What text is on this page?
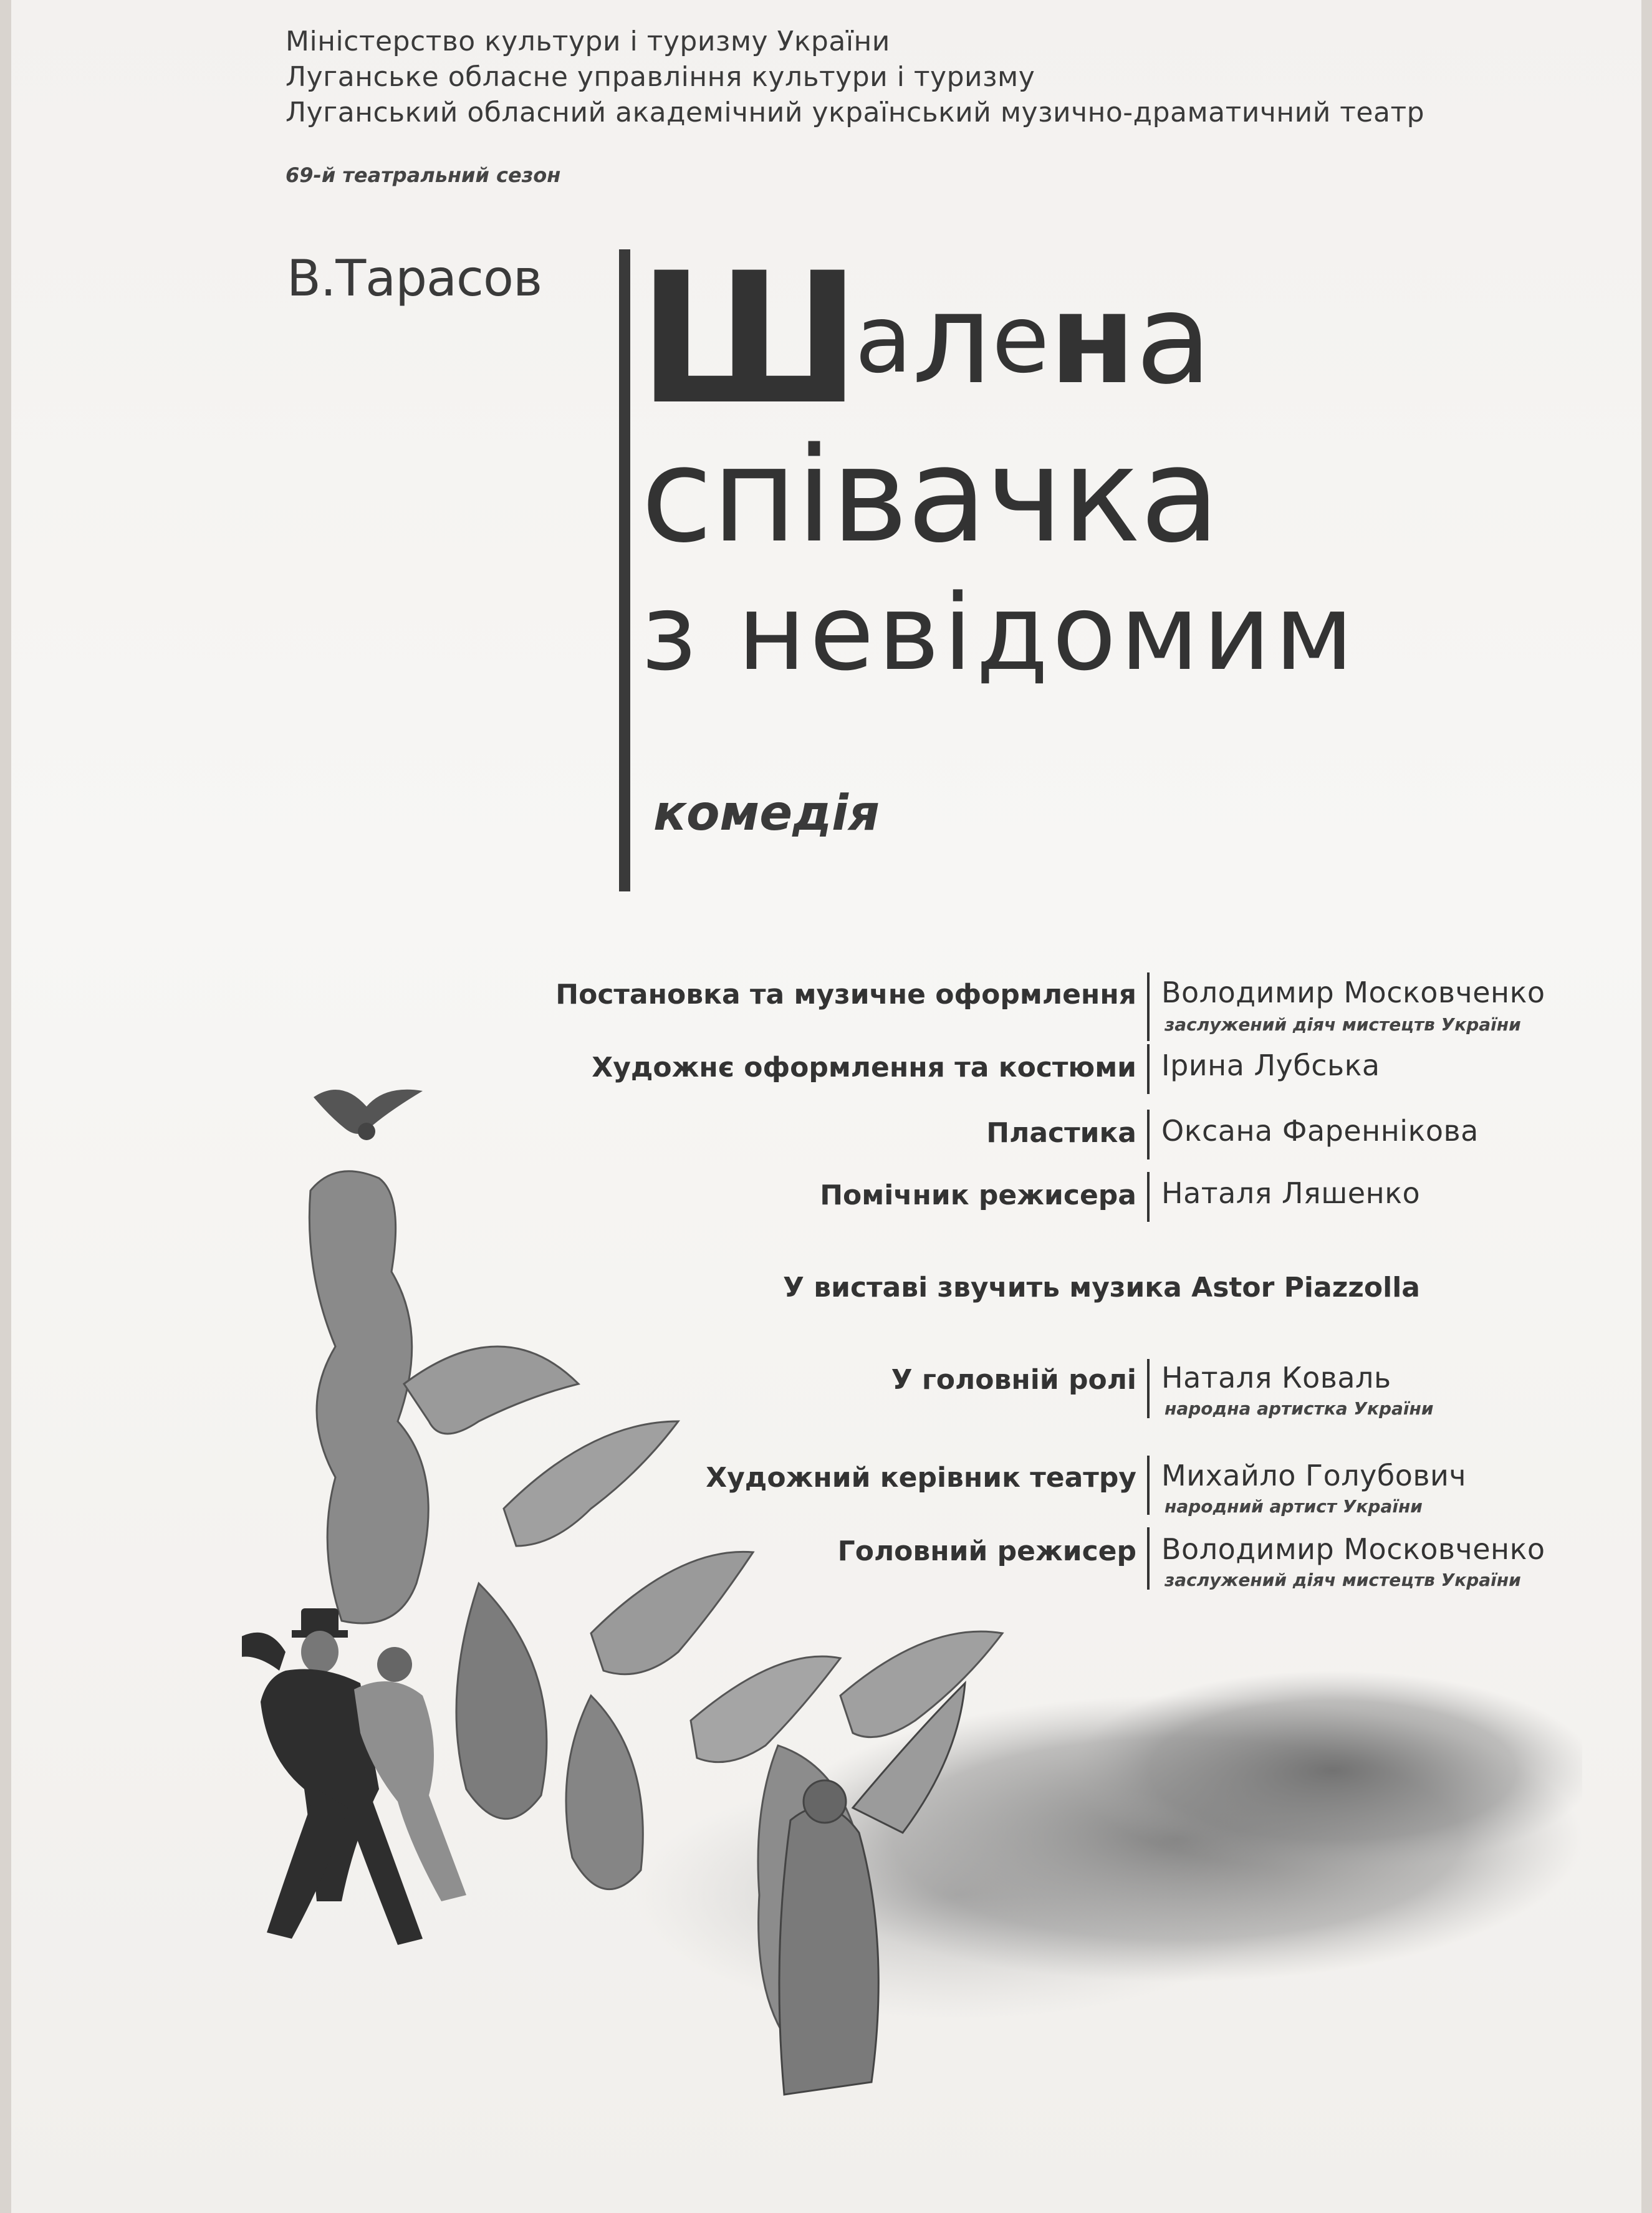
Міністерство культури і туризму України
Луганське обласне управління культури і туризму
Луганський обласний академічний український музично-драматичний театр
69-й театральний сезон
В.Тарасов Шалена
співачка
з невідомим
комедія
Постановка та музичне оформлення Володимир Московченко
заслужений діяч мистецтв України
Художнє оформлення та костюми Ірина Лубська
Пластика Оксана Фареннікова
Помічник режисера Наталя Ляшенко
У виставі звучить музика Astor Piazzolla
У головній ролі Наталя Коваль
народна артистка України
Художний керівник театру Михайло Голубович
народний артист України
Головний режисер Володимир Московченко
заслужений діяч мистецтв України
